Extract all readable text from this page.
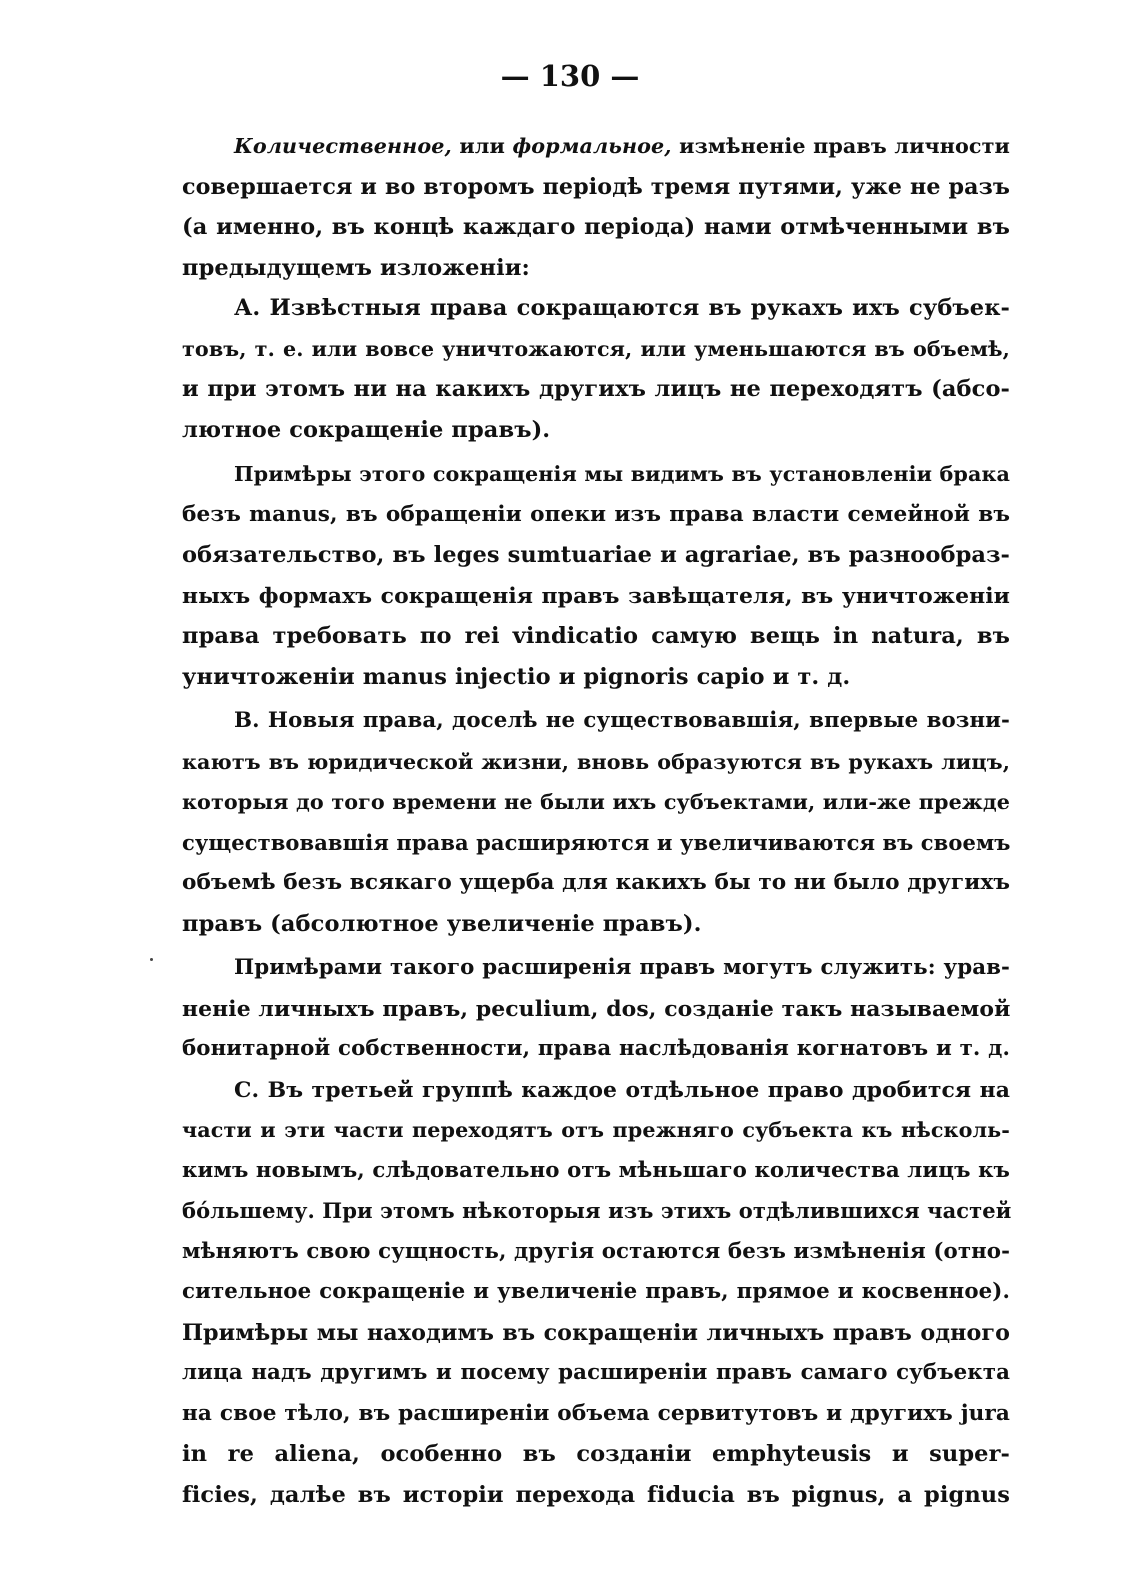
— 130 —
Количественное, или формальное, измѣненіе правъ личности
совершается и во второмъ періодѣ тремя путями, уже не разъ
(а именно, въ концѣ каждаго періода) нами отмѣченными въ
предыдущемъ изложеніи:
А. Извѣстныя права сокращаются въ рукахъ ихъ субъек-
товъ, т. е. или вовсе уничтожаются, или уменьшаются въ объемѣ,
и при этомъ ни на какихъ другихъ лицъ не переходятъ (абсо-
лютное сокращеніе правъ).
Примѣры этого сокращенія мы видимъ въ установленіи брака
безъ manus, въ обращеніи опеки изъ права власти семейной въ
обязательство, въ leges sumtuariae и agrariae, въ разнообраз-
ныхъ формахъ сокращенія правъ завѣщателя, въ уничтоженіи
права требовать по rei vindicatio самую вещь in natura, въ
уничтоженіи manus injectio и pignoris capio и т. д.
В. Новыя права, доселѣ не существовавшія, впервые возни-
каютъ въ юридической жизни, вновь образуются въ рукахъ лицъ,
которыя до того времени не были ихъ субъектами, или-же прежде
существовавшія права расширяются и увеличиваются въ своемъ
объемѣ безъ всякаго ущерба для какихъ бы то ни было другихъ
правъ (абсолютное увеличеніе правъ).
Примѣрами такого расширенія правъ могутъ служить: урав-
неніе личныхъ правъ, peculium, dos, созданіе такъ называемой
бонитарной собственности, права наслѣдованія когнатовъ и т. д.
С. Въ третьей группѣ каждое отдѣльное право дробится на
части и эти части переходятъ отъ прежняго субъекта къ нѣсколь-
кимъ новымъ, слѣдовательно отъ мѣньшаго количества лицъ къ
бóльшему. При этомъ нѣкоторыя изъ этихъ отдѣлившихся частей
мѣняютъ свою сущность, другія остаются безъ измѣненія (отно-
сительное сокращеніе и увеличеніе правъ, прямое и косвенное).
Примѣры мы находимъ въ сокращеніи личныхъ правъ одного
лица надъ другимъ и посему расширеніи правъ самаго субъекта
на свое тѣло, въ расширеніи объема сервитутовъ и другихъ jura
in re aliena, особенно въ созданіи emphyteusis и super-
ficies, далѣе въ исторіи перехода fiducia въ pignus, а pignus
